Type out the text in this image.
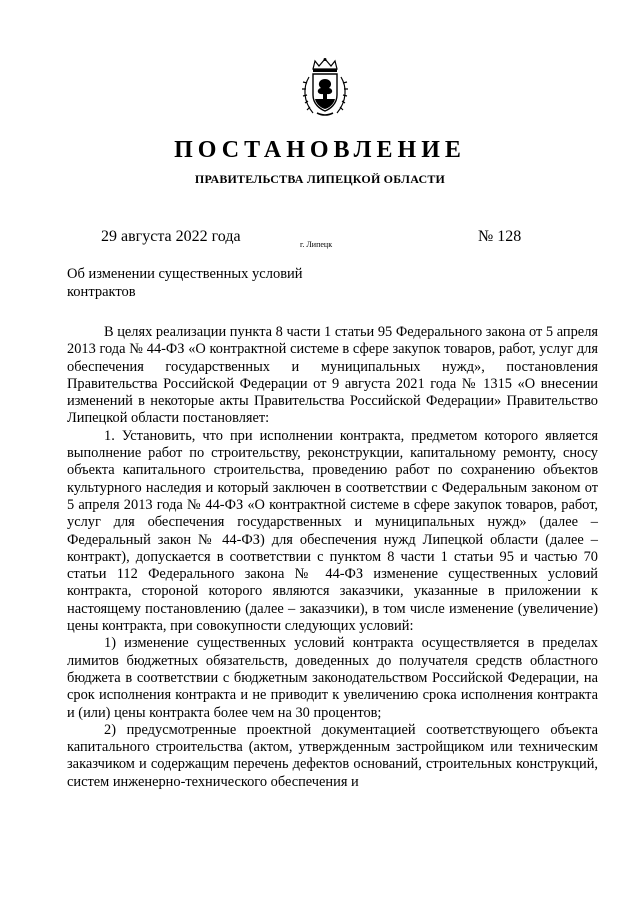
ПОСТАНОВЛЕНИЕ
ПРАВИТЕЛЬСТВА ЛИПЕЦКОЙ ОБЛАСТИ
29 августа 2022 года	г. Липецк	№ 128
Об изменении существенных условий контрактов

В целях реализации пункта 8 части 1 статьи 95 Федерального закона от 5 апреля 2013 года № 44-ФЗ «О контрактной системе в сфере закупок товаров, работ, услуг для обеспечения государственных и муниципальных нужд», постановления Правительства Российской Федерации от 9 августа 2021 года № 1315 «О внесении изменений в некоторые акты Правительства Российской Федерации» Правительство Липецкой области постановляет:

1. Установить, что при исполнении контракта, предметом которого является выполнение работ по строительству, реконструкции, капитальному ремонту, сносу объекта капитального строительства, проведению работ по сохранению объектов культурного наследия и который заключен в соответствии с Федеральным законом от 5 апреля 2013 года № 44-ФЗ «О контрактной системе в сфере закупок товаров, работ, услуг для обеспечения государственных и муниципальных нужд» (далее – Федеральный закон № 44-ФЗ) для обеспечения нужд Липецкой области (далее – контракт), допускается в соответствии с пунктом 8 части 1 статьи 95 и частью 70 статьи 112 Федерального закона № 44-ФЗ изменение существенных условий контракта, стороной которого являются заказчики, указанные в приложении к настоящему постановлению (далее – заказчики), в том числе изменение (увеличение) цены контракта, при совокупности следующих условий:

1) изменение существенных условий контракта осуществляется в пределах лимитов бюджетных обязательств, доведенных до получателя средств областного бюджета в соответствии с бюджетным законодательством Российской Федерации, на срок исполнения контракта и не приводит к увеличению срока исполнения контракта и (или) цены контракта более чем на 30 процентов;

2) предусмотренные проектной документацией соответствующего объекта капитального строительства (актом, утвержденным застройщиком или техническим заказчиком и содержащим перечень дефектов оснований, строительных конструкций, систем инженерно-технического обеспечения и
